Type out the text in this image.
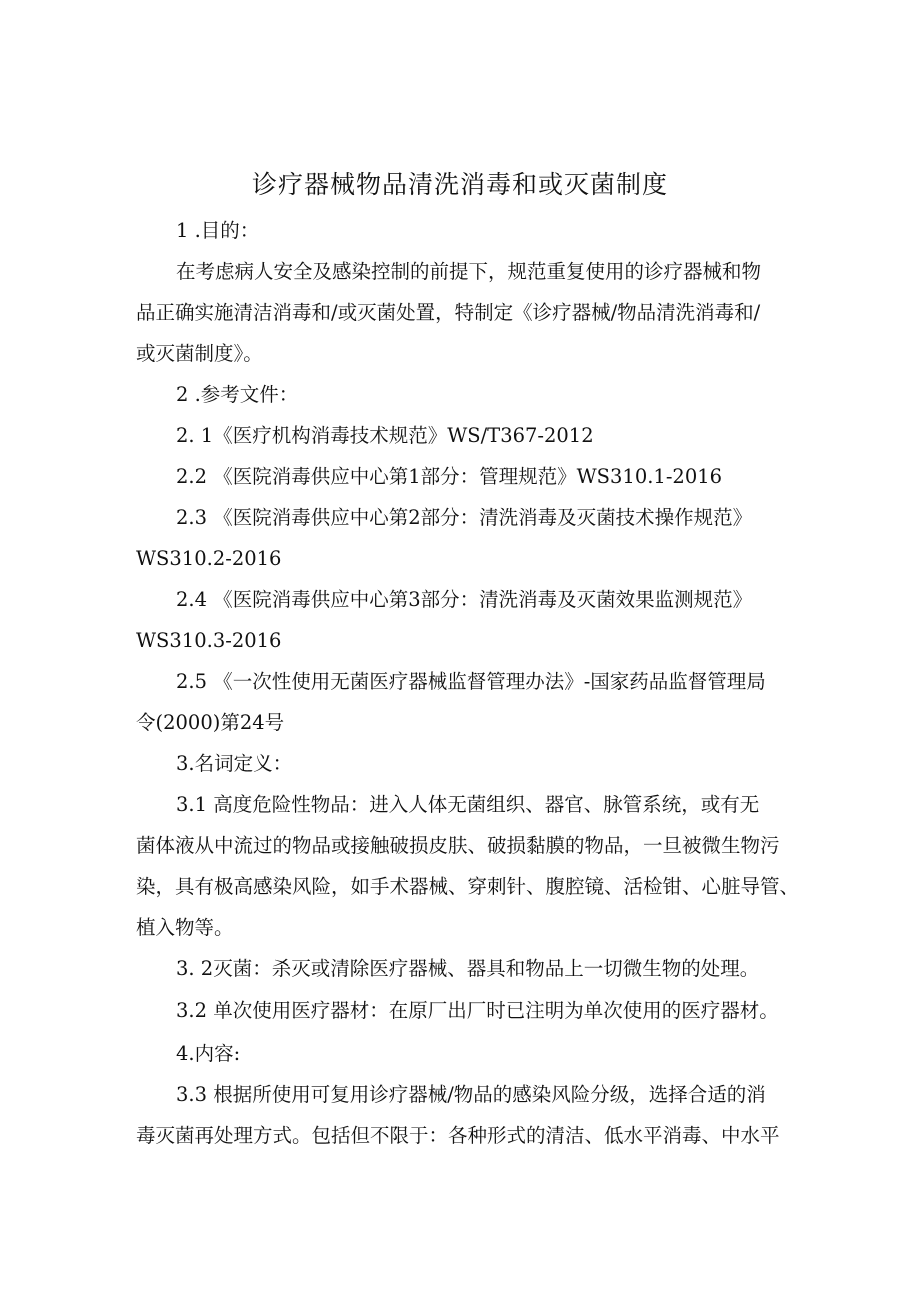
诊疗器械物品清洗消毒和或灭菌制度
1 .目的：
在考虑病人安全及感染控制的前提下，规范重复使用的诊疗器械和物
品正确实施清洁消毒和/或灭菌处置，特制定《诊疗器械/物品清洗消毒和/
或灭菌制度》。
2 .参考文件：
2. 1《医疗机构消毒技术规范》WS/T367-2012
2.2 《医院消毒供应中心第1部分：管理规范》WS310.1-2016
2.3 《医院消毒供应中心第2部分：清洗消毒及灭菌技术操作规范》
WS310.2-2016
2.4 《医院消毒供应中心第3部分：清洗消毒及灭菌效果监测规范》
WS310.3-2016
2.5 《一次性使用无菌医疗器械监督管理办法》-国家药品监督管理局
令(2000)第24号
3.名词定义：
3.1 高度危险性物品：进入人体无菌组织、器官、脉管系统，或有无
菌体液从中流过的物品或接触破损皮肤、破损黏膜的物品，一旦被微生物污
染，具有极高感染风险，如手术器械、穿刺针、腹腔镜、活检钳、心脏导管、
植入物等。
3. 2灭菌：杀灭或清除医疗器械、器具和物品上一切微生物的处理。
3.2 单次使用医疗器材：在原厂出厂时已注明为单次使用的医疗器材。
4.内容:
3.3 根据所使用可复用诊疗器械/物品的感染风险分级，选择合适的消
毒灭菌再处理方式。包括但不限于：各种形式的清洁、低水平消毒、中水平
